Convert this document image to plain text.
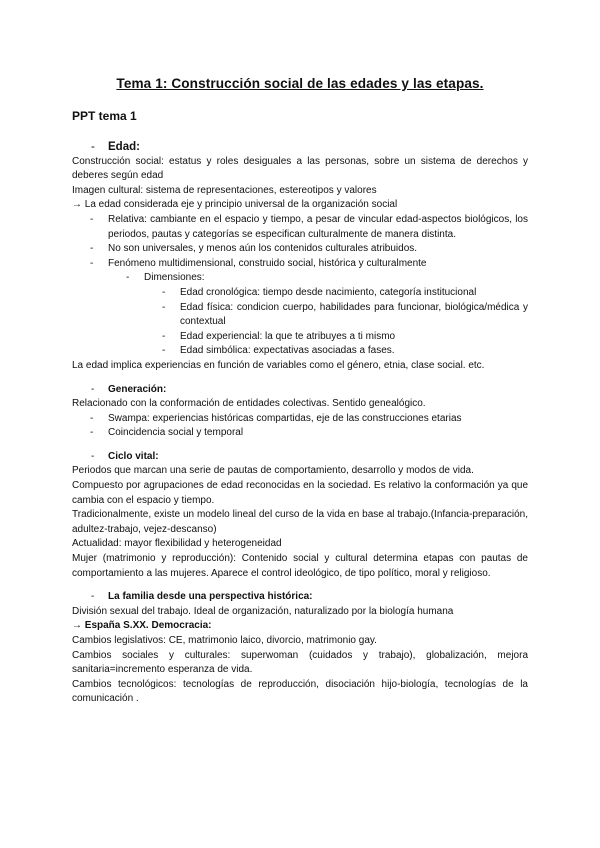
Tema 1: Construcción social de las edades y las etapas.
PPT tema 1
-	Edad:

Construcción social: estatus y roles desiguales a las personas, sobre un sistema de derechos y deberes según edad

Imagen cultural: sistema de representaciones, estereotipos y valores

→ La edad considerada eje y principio universal de la organización social

-	Relativa: cambiante en el espacio y tiempo, a pesar de vincular edad-aspectos biológicos, los periodos, pautas y categorías se especifican culturalmente de manera distinta.
-	No son universales, y menos aún los contenidos culturales atribuidos.
-	Fenómeno multidimensional, construido social, histórica y culturalmente
-	Dimensiones:
-	Edad cronológica: tiempo desde nacimiento, categoría institucional
-	Edad física: condicion cuerpo, habilidades para funcionar, biológica/médica y contextual
-	Edad experiencial: la que te atribuyes a ti mismo
-	Edad simbólica: expectativas asociadas a fases.

La edad implica experiencias en función de variables como el género, etnia, clase social. etc.

-	Generación:

Relacionado con la conformación de entidades colectivas. Sentido genealógico.

-	Swampa: experiencias históricas compartidas, eje de las construcciones etarias
-	Coincidencia social y temporal
-	Ciclo vital:

Periodos que marcan una serie de pautas de comportamiento, desarrollo y modos de vida.

Compuesto por agrupaciones de edad reconocidas en la sociedad. Es relativo la conformación ya que cambia con el espacio y tiempo.

Tradicionalmente, existe un modelo lineal del curso de la vida en base al trabajo.(Infancia-preparación, adultez-trabajo, vejez-descanso)

Actualidad: mayor flexibilidad y heterogeneidad

Mujer (matrimonio y reproducción): Contenido social y cultural determina etapas con pautas de comportamiento a las mujeres. Aparece el control ideológico, de tipo político, moral y religioso.

-	La familia desde una perspectiva histórica:

División sexual del trabajo. Ideal de organización, naturalizado por la biología humana

→ España S.XX. Democracia:

Cambios legislativos: CE, matrimonio laico, divorcio, matrimonio gay.

Cambios sociales y culturales: superwoman (cuidados y trabajo), globalización, mejora sanitaria=incremento esperanza de vida.

Cambios tecnológicos: tecnologías de reproducción, disociación hijo-biología, tecnologías de la comunicación .
